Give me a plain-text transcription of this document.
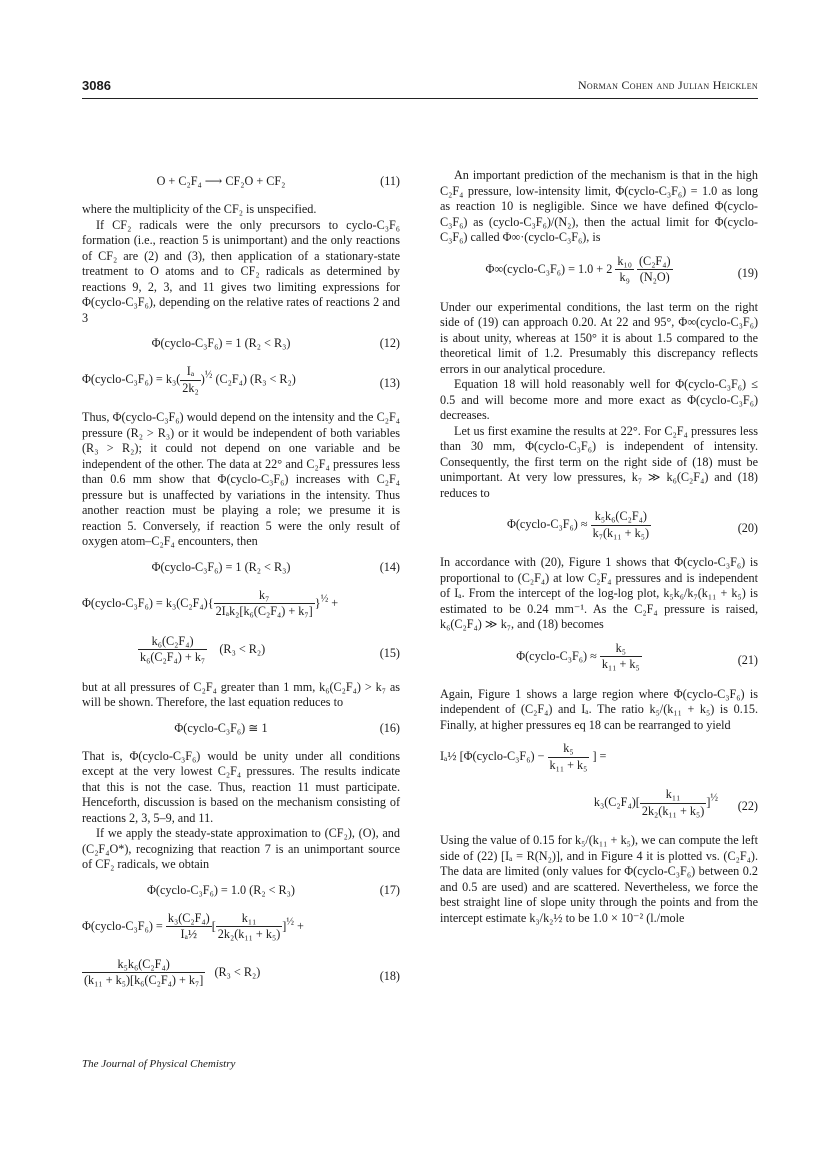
3086	Norman Cohen and Julian Heicklen
O + C₂F₄ ⟶ CF₂O + CF₂	(11)

where the multiplicity of the CF₂ is unspecified.

If CF₂ radicals were the only precursors to cyclo-C₃F₆ formation (i.e., reaction 5 is unimportant) and the only reactions of CF₂ are (2) and (3), then application of a stationary-state treatment to O atoms and to CF₂ radicals as determined by reactions 9, 2, 3, and 11 gives two limiting expressions for Φ(cyclo-C₃F₆), depending on the relative rates of reactions 2 and 3

Φ(cyclo-C₃F₆) = 1 (R₂ < R₃)	(12)
Φ(cyclo-C₃F₆) = $k_3( \frac{\text{Iₐ}}{\text{2k₂}} )^{\frac{1}{2}}$ (C₂F₄) (R₃ < R₂)	(13)

Thus, Φ(cyclo-C₃F₆) would depend on the intensity and the C₂F₄ pressure (R₂ > R₃) or it would be independent of both variables (R₃ > R₂); it could not depend on one variable and be independent of the other. The data at 22° and C₂F₄ pressures less than 0.6 mm show that Φ(cyclo-C₃F₆) increases with C₂F₄ pressure but is unaffected by variations in the intensity. Thus another reaction must be playing a role; we presume it is reaction 5. Conversely, if reaction 5 were the only result of oxygen atom–C₂F₄ encounters, then

Φ(cyclo-C₃F₆) = 1 (R₂ < R₃)	(14)
Φ(cyclo-C₃F₆) = $k_3(C_2F_4)\{ \frac{\text{k₇}}{\text{2Iₐk₂[k₆(C₂F₄) + k₇]}} \}^{\frac{1}{2}}$ +
$\frac{\text{k₆(C₂F₄)}}{\text{k₆(C₂F₄) + k₇}} (R_3 < R_2)$	(15)

but at all pressures of C₂F₄ greater than 1 mm, k₆(C₂F₄) > k₇ as will be shown. Therefore, the last equation reduces to

Φ(cyclo-C₃F₆) ≅ 1	(16)

That is, Φ(cyclo-C₃F₆) would be unity under all conditions except at the very lowest C₂F₄ pressures. The results indicate that this is not the case. Thus, reaction 11 must participate. Henceforth, discussion is based on the mechanism consisting of reactions 2, 3, 5–9, and 11.

If we apply the steady-state approximation to (CF₂), (O), and (C₂F₄O*), recognizing that reaction 7 is an unimportant source of CF₂ radicals, we obtain

Φ(cyclo-C₃F₆) = 1.0 (R₂ < R₃)	(17)
Φ(cyclo-C₃F₆) = $\frac{\text{k₃(C₂F₄)}}{\text{Iₐ½}}$ [ $\frac{\text{k₁₁}}{\text{2k₂(k₁₁ + k₅)}} ]^{\frac{1}{2}}$ +
$\frac{\text{k₅k₆(C₂F₄)}}{\text{(k₁₁ + k₅)[k₆(C₂F₄) + k₇]}} (R_3 < R_2)$	(18)

An important prediction of the mechanism is that in the high C₂F₄ pressure, low-intensity limit, Φ(cyclo-C₃F₆) = 1.0 as long as reaction 10 is negligible. Since we have defined Φ(cyclo-C₃F₆) as (cyclo-C₃F₆)/(N₂), then the actual limit for Φ(cyclo-C₃F₆) called Φ∞·(cyclo-C₃F₆), is

Φ∞(cyclo-C₃F₆) = $1.0 + 2 \frac{\text{k₁₀}}{\text{k₉}}$
$\frac{\text{(C₂F₄)}}{\text{(N₂O)}}$	(19)

Under our experimental conditions, the last term on the right side of (19) can approach 0.20. At 22 and 95°, Φ∞(cyclo-C₃F₆) is about unity, whereas at 150° it is about 1.5 compared to the theoretical limit of 1.2. Presumably this discrepancy reflects errors in our analytical procedure.

Equation 18 will hold reasonably well for Φ(cyclo-C₃F₆) ≤ 0.5 and will become more and more exact as Φ(cyclo-C₃F₆) decreases.

Let us first examine the results at 22°. For C₂F₄ pressures less than 30 mm, Φ(cyclo-C₃F₆) is independent of intensity. Consequently, the first term on the right side of (18) must be unimportant. At very low pressures, k₇ ≫ k₆(C₂F₄) and (18) reduces to

Φ(cyclo-C₃F₆) ≈ $\frac{\text{k₅k₆(C₂F₄)}}{\text{k₇(k₁₁ + k₅)}}$	(20)

In accordance with (20), Figure 1 shows that Φ(cyclo-C₃F₆) is proportional to (C₂F₄) at low C₂F₄ pressures and is independent of Iₐ. From the intercept of the log-log plot, k₅k₆/k₇(k₁₁ + k₅) is estimated to be 0.24 mm⁻¹. As the C₂F₄ pressure is raised, k₆(C₂F₄) ≫ k₇, and (18) becomes

Φ(cyclo-C₃F₆) ≈ $\frac{\text{k₅}}{\text{k₁₁ + k₅}}$	(21)

Again, Figure 1 shows a large region where Φ(cyclo-C₃F₆) is independent of (C₂F₄) and Iₐ. The ratio k₅/(k₁₁ + k₅) is 0.15. Finally, at higher pressures eq 18 can be rearranged to yield

Iₐ½ [Φ(cyclo-C₃F₆) − $\frac{\text{k₅}}{\text{k₁₁ + k₅}}$ ] =
$k_3(C_2F_4)[ \frac{\text{k₁₁}}{\text{2k₂(k₁₁ + k₅)}} ]^{\frac{1}{2}}$
(22)

Using the value of 0.15 for k₅/(k₁₁ + k₅), we can compute the left side of (22) [Iₐ = R(N₂)], and in Figure 4 it is plotted vs. (C₂F₄). The data are limited (only values for Φ(cyclo-C₃F₆) between 0.2 and 0.5 are used) and are scattered. Nevertheless, we force the best straight line of slope unity through the points and from the intercept estimate k₃/k₂½ to be 1.0 × 10⁻² (l./mole

The Journal of Physical Chemistry
